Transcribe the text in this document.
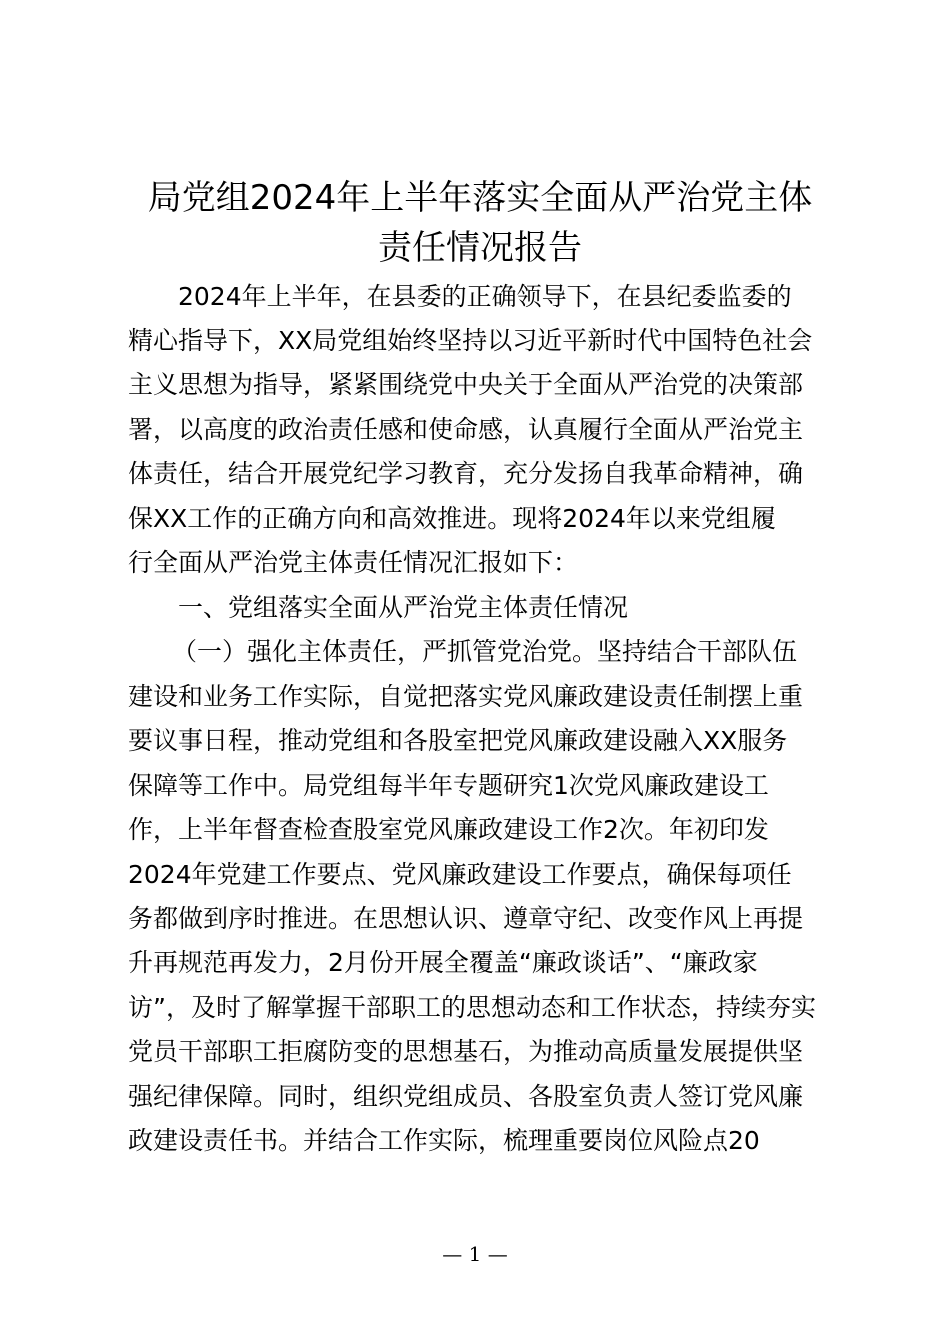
局党组2024年上半年落实全面从严治党主体
责任情况报告

2024年上半年，在县委的正确领导下，在县纪委监委的

精心指导下，XX局党组始终坚持以习近平新时代中国特色社会

主义思想为指导，紧紧围绕党中央关于全面从严治党的决策部

署，以高度的政治责任感和使命感，认真履行全面从严治党主

体责任，结合开展党纪学习教育，充分发扬自我革命精神，确

保XX工作的正确方向和高效推进。现将2024年以来党组履

行全面从严治党主体责任情况汇报如下：

一、党组落实全面从严治党主体责任情况

（一）强化主体责任，严抓管党治党。坚持结合干部队伍

建设和业务工作实际，自觉把落实党风廉政建设责任制摆上重

要议事日程，推动党组和各股室把党风廉政建设融入XX服务

保障等工作中。局党组每半年专题研究1次党风廉政建设工

作，上半年督查检查股室党风廉政建设工作2次。年初印发

2024年党建工作要点、党风廉政建设工作要点，确保每项任

务都做到序时推进。在思想认识、遵章守纪、改变作风上再提

升再规范再发力，2月份开展全覆盖“廉政谈话”、“廉政家

访”，及时了解掌握干部职工的思想动态和工作状态，持续夯实

党员干部职工拒腐防变的思想基石，为推动高质量发展提供坚

强纪律保障。同时，组织党组成员、各股室负责人签订党风廉

政建设责任书。并结合工作实际，梳理重要岗位风险点20

— 1 —
